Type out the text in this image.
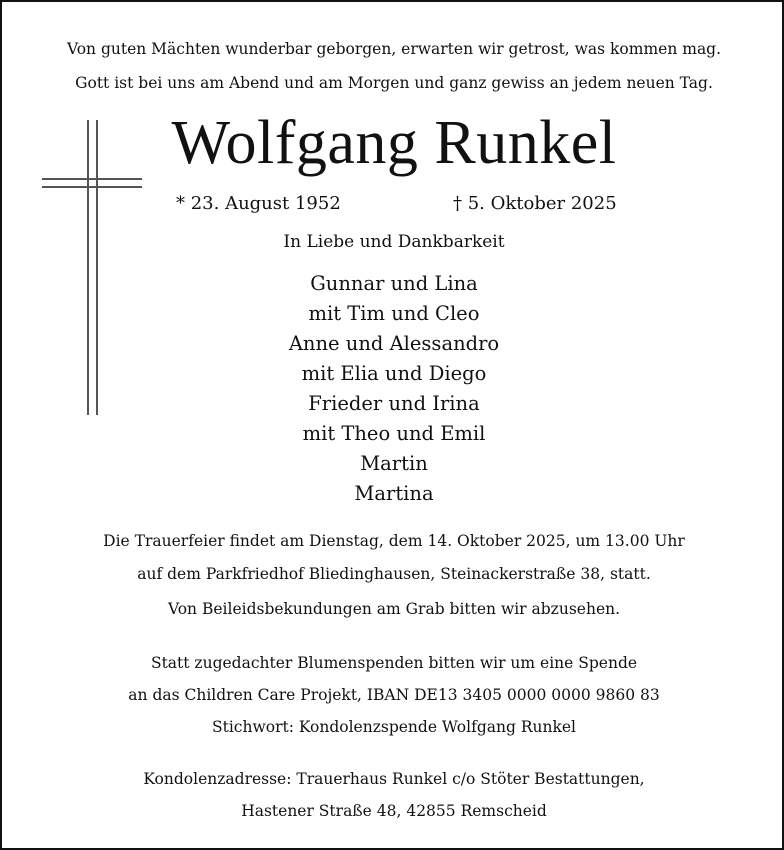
Von guten Mächten wunderbar geborgen, erwarten wir getrost, was kommen mag.
Gott ist bei uns am Abend und am Morgen und ganz gewiss an jedem neuen Tag.
Wolfgang Runkel
* 23. August 1952	† 5. Oktober 2025
In Liebe und Dankbarkeit
Gunnar und Lina
mit Tim und Cleo
Anne und Alessandro
mit Elia und Diego
Frieder und Irina
mit Theo und Emil
Martin
Martina
Die Trauerfeier findet am Dienstag, dem 14. Oktober 2025, um 13.00 Uhr
auf dem Parkfriedhof Bliedinghausen, Steinackerstraße 38, statt.
Von Beileidsbekundungen am Grab bitten wir abzusehen.
Statt zugedachter Blumenspenden bitten wir um eine Spende
an das Children Care Projekt, IBAN DE13 3405 0000 0000 9860 83
Stichwort: Kondolenzspende Wolfgang Runkel
Kondolenzadresse: Trauerhaus Runkel c/o Stöter Bestattungen,
Hastener Straße 48, 42855 Remscheid
